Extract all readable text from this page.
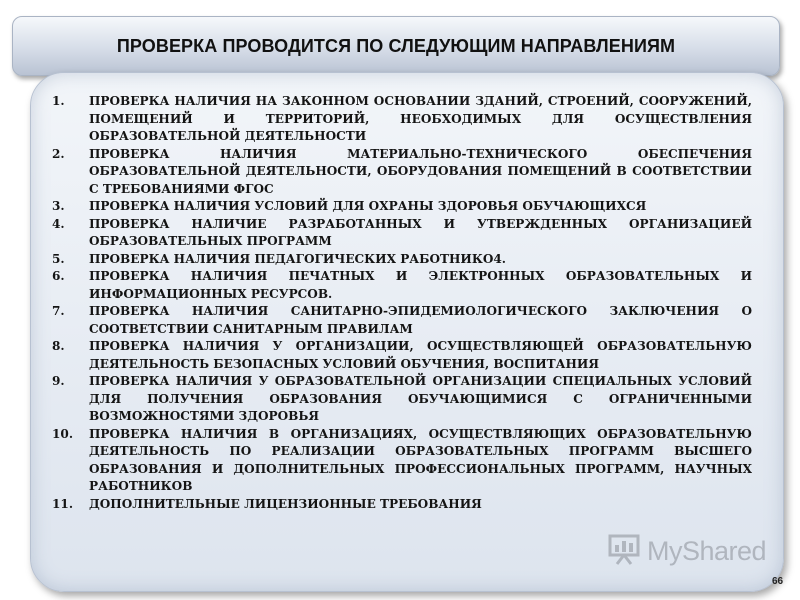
ПРОВЕРКА ПРОВОДИТСЯ ПО СЛЕДУЮЩИМ НАПРАВЛЕНИЯМ
1.	ПРОВЕРКА НАЛИЧИЯ НА ЗАКОННОМ ОСНОВАНИИ ЗДАНИЙ, СТРОЕНИЙ, СООРУЖЕНИЙ, ПОМЕЩЕНИЙ И ТЕРРИТОРИЙ, НЕОБХОДИМЫХ ДЛЯ ОСУЩЕСТВЛЕНИЯ ОБРАЗОВАТЕЛЬНОЙ ДЕЯТЕЛЬНОСТИ
2.	ПРОВЕРКА НАЛИЧИЯ МАТЕРИАЛЬНО-ТЕХНИЧЕСКОГО ОБЕСПЕЧЕНИЯ ОБРАЗОВАТЕЛЬНОЙ ДЕЯТЕЛЬНОСТИ, ОБОРУДОВАНИЯ ПОМЕЩЕНИЙ В СООТВЕТСТВИИ С ТРЕБОВАНИЯМИ ФГОС
3.	ПРОВЕРКА НАЛИЧИЯ УСЛОВИЙ ДЛЯ ОХРАНЫ ЗДОРОВЬЯ ОБУЧАЮЩИХСЯ
4.	ПРОВЕРКА НАЛИЧИЕ РАЗРАБОТАННЫХ И УТВЕРЖДЕННЫХ ОРГАНИЗАЦИЕЙ ОБРАЗОВАТЕЛЬНЫХ ПРОГРАММ
5.	ПРОВЕРКА НАЛИЧИЯ ПЕДАГОГИЧЕСКИХ РАБОТНИКО4.
6.	ПРОВЕРКА НАЛИЧИЯ ПЕЧАТНЫХ И ЭЛЕКТРОННЫХ ОБРАЗОВАТЕЛЬНЫХ И ИНФОРМАЦИОННЫХ РЕСУРСОВ.
7.	ПРОВЕРКА НАЛИЧИЯ САНИТАРНО-ЭПИДЕМИОЛОГИЧЕСКОГО ЗАКЛЮЧЕНИЯ О СООТВЕТСТВИИ САНИТАРНЫМ ПРАВИЛАМ
8.	ПРОВЕРКА НАЛИЧИЯ У ОРГАНИЗАЦИИ, ОСУЩЕСТВЛЯЮЩЕЙ ОБРАЗОВАТЕЛЬНУЮ ДЕЯТЕЛЬНОСТЬ БЕЗОПАСНЫХ УСЛОВИЙ ОБУЧЕНИЯ, ВОСПИТАНИЯ
9.	ПРОВЕРКА НАЛИЧИЯ У ОБРАЗОВАТЕЛЬНОЙ ОРГАНИЗАЦИИ СПЕЦИАЛЬНЫХ УСЛОВИЙ ДЛЯ ПОЛУЧЕНИЯ ОБРАЗОВАНИЯ ОБУЧАЮЩИМИСЯ С ОГРАНИЧЕННЫМИ ВОЗМОЖНОСТЯМИ ЗДОРОВЬЯ
10.	ПРОВЕРКА НАЛИЧИЯ В ОРГАНИЗАЦИЯХ, ОСУЩЕСТВЛЯЮЩИХ ОБРАЗОВАТЕЛЬНУЮ ДЕЯТЕЛЬНОСТЬ ПО РЕАЛИЗАЦИИ ОБРАЗОВАТЕЛЬНЫХ ПРОГРАММ ВЫСШЕГО ОБРАЗОВАНИЯ И ДОПОЛНИТЕЛЬНЫХ ПРОФЕССИОНАЛЬНЫХ ПРОГРАММ, НАУЧНЫХ РАБОТНИКОВ
11.	ДОПОЛНИТЕЛЬНЫЕ ЛИЦЕНЗИОННЫЕ ТРЕБОВАНИЯ
MyShared
66
